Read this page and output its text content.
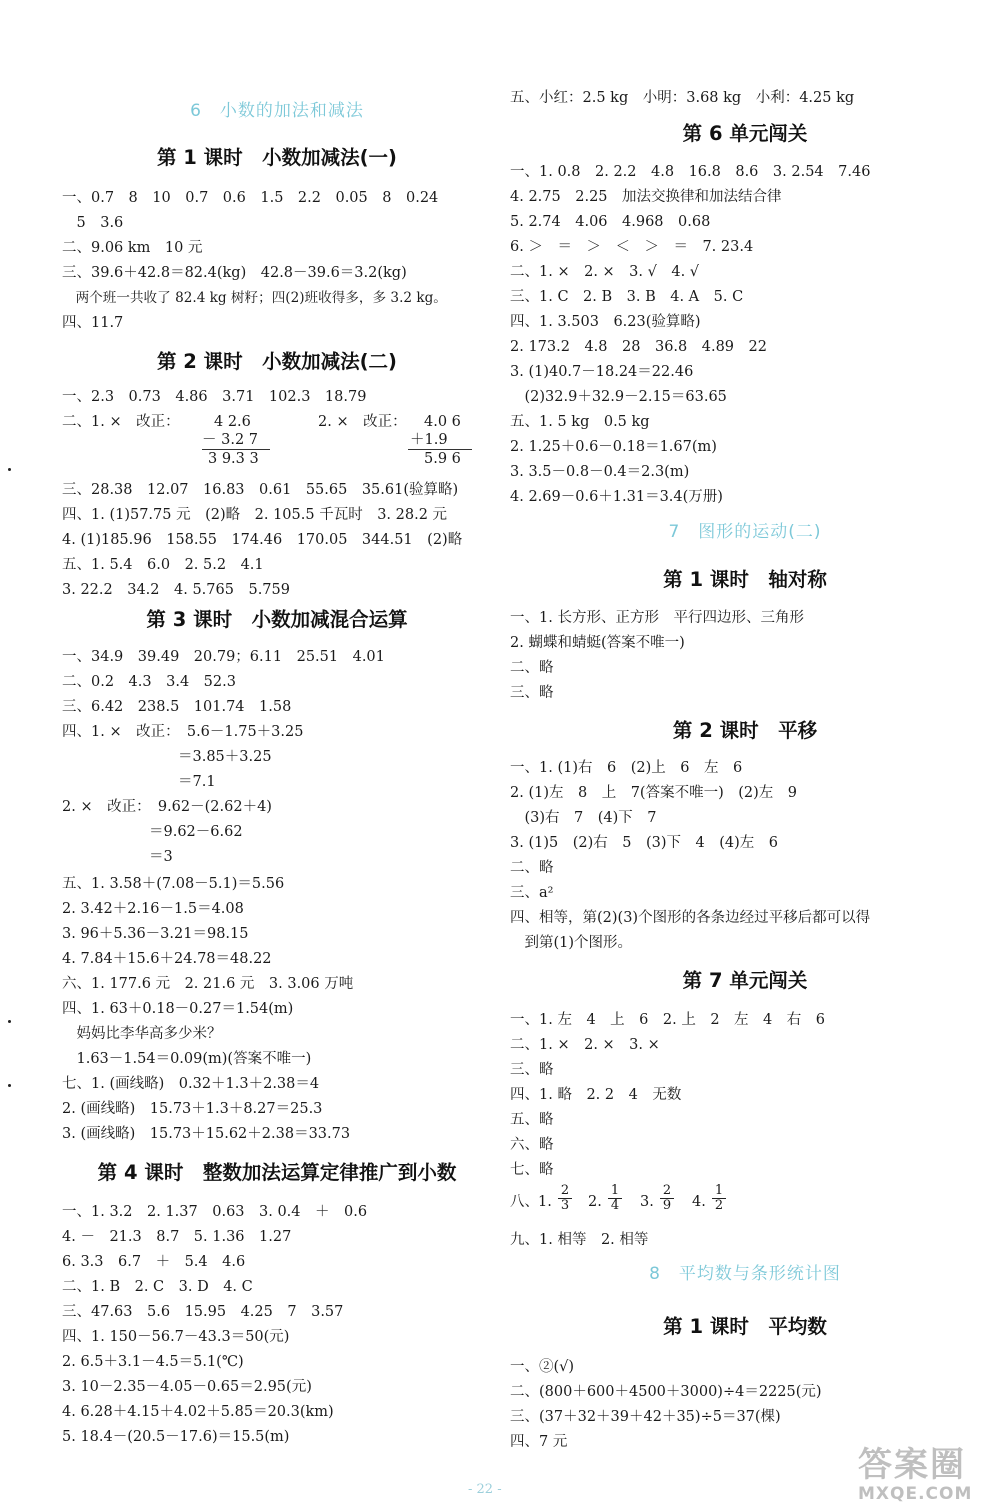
6　 小数的加法和减法
第 1 课时　小数加减法(一)
一、0.7　8　10　0.7　0.6　1.5　2.2　0.05　8　0.24
　5　3.6
二、9.06 km　10 元
三、39.6＋42.8＝82.4(kg)　42.8－39.6＝3.2(kg)
　两个班一共收了 82.4 kg 树籽；四(2)班收得多，多 3.2 kg。
四、11.7
第 2 课时　小数加减法(二)
一、2.3　0.73　4.86　3.71　102.3　18.79
二、1. ×　改正： 4 2.6
－ 3.2 7
3 9.3 3
2. ×　改正： 4.0 6
＋1.9
5.9 6
三、28.38　12.07　16.83　0.61　55.65　35.61(验算略)
四、1. (1)57.75 元　(2)略　2. 105.5 千瓦时　3. 28.2 元
4. (1)185.96　158.55　174.46　170.05　344.51　(2)略
五、1. 5.4　6.0　2. 5.2　4.1
3. 22.2　34.2　4. 5.765　5.759
第 3 课时　小数加减混合运算
一、34.9　39.49　20.79；6.11　25.51　4.01
二、0.2　4.3　3.4　52.3
三、6.42　238.5　101.74　1.58
四、1. ×　改正：　5.6－1.75＋3.25
　　　　　　　　＝3.85＋3.25
　　　　　　　　＝7.1
2. ×　改正：　9.62－(2.62＋4)
　　　　　　＝9.62－6.62
　　　　　　＝3
五、1. 3.58＋(7.08－5.1)＝5.56
2. 3.42＋2.16－1.5＝4.08
3. 96＋5.36－3.21＝98.15
4. 7.84＋15.6＋24.78＝48.22
六、1. 177.6 元　2. 21.6 元　3. 3.06 万吨
四、1. 63＋0.18－0.27＝1.54(m)
　妈妈比李华高多少米？
　1.63－1.54＝0.09(m)(答案不唯一)
七、1. (画线略)　0.32＋1.3＋2.38＝4
2. (画线略)　15.73＋1.3＋8.27＝25.3
3. (画线略)　15.73＋15.62＋2.38＝33.73
第 4 课时　整数加法运算定律推广到小数
一、1. 3.2　2. 1.37　0.63　3. 0.4　＋　0.6
4. －　21.3　8.7　5. 1.36　1.27
6. 3.3　6.7　＋　5.4　4.6
二、1. B　2. C　3. D　4. C
三、47.63　5.6　15.95　4.25　7　3.57
四、1. 150－56.7－43.3＝50(元)
2. 6.5＋3.1－4.5＝5.1(℃)
3. 10－2.35－4.05－0.65＝2.95(元)
4. 6.28＋4.15＋4.02＋5.85＝20.3(km)
5. 18.4－(20.5－17.6)＝15.5(m)
五、小红：2.5 kg　小明：3.68 kg　小利：4.25 kg
第 6 单元闯关
一、1. 0.8　2. 2.2　4.8　16.8　8.6　3. 2.54　7.46
4. 2.75　2.25　加法交换律和加法结合律
5. 2.74　4.06　4.968　0.68
6. ＞　＝　＞　＜　＞　＝　7. 23.4
二、1. ×　2. ×　3. √　4. √
三、1. C　2. B　3. B　4. A　5. C
四、1. 3.503　6.23(验算略)
2. 173.2　4.8　28　36.8　4.89　22
3. (1)40.7－18.24＝22.46
　(2)32.9＋32.9－2.15＝63.65
五、1. 5 kg　0.5 kg
2. 1.25＋0.6－0.18＝1.67(m)
3. 3.5－0.8－0.4＝2.3(m)
4. 2.69－0.6＋1.31＝3.4(万册)
7　 图形的运动(二)
第 1 课时　轴对称
一、1. 长方形、正方形　平行四边形、三角形
2. 蝴蝶和蜻蜓(答案不唯一)
二、略
三、略
第 2 课时　平移
一、1. (1)右　6　(2)上　6　左　6
2. (1)左　8　上　7(答案不唯一)　(2)左　9
　(3)右　7　(4)下　7
3. (1)5　(2)右　5　(3)下　4　(4)左　6
二、略
三、a²
四、相等，第(2)(3)个图形的各条边经过平移后都可以得
　到第(1)个图形。
第 7 单元闯关
一、1. 左　4　上　6　2. 上　2　左　4　右　6
二、1. ×　2. ×　3. ×
三、略
四、1. 略　2. 2　4　无数
五、略
六、略
七、略
八、 1. $\frac{2}{3} 2$. $\frac{1}{4} 3$. $\frac{2}{9} 4$. $\frac{1}{2}$
九、1. 相等　2. 相等
8　 平均数与条形统计图
第 1 课时　平均数
一、②(√)
二、(800＋600＋4500＋3000)÷4＝2225(元)
三、(37＋32＋39＋42＋35)÷5＝37(棵)
四、7 元
- 22 -
答案圈
MXQE.COM
